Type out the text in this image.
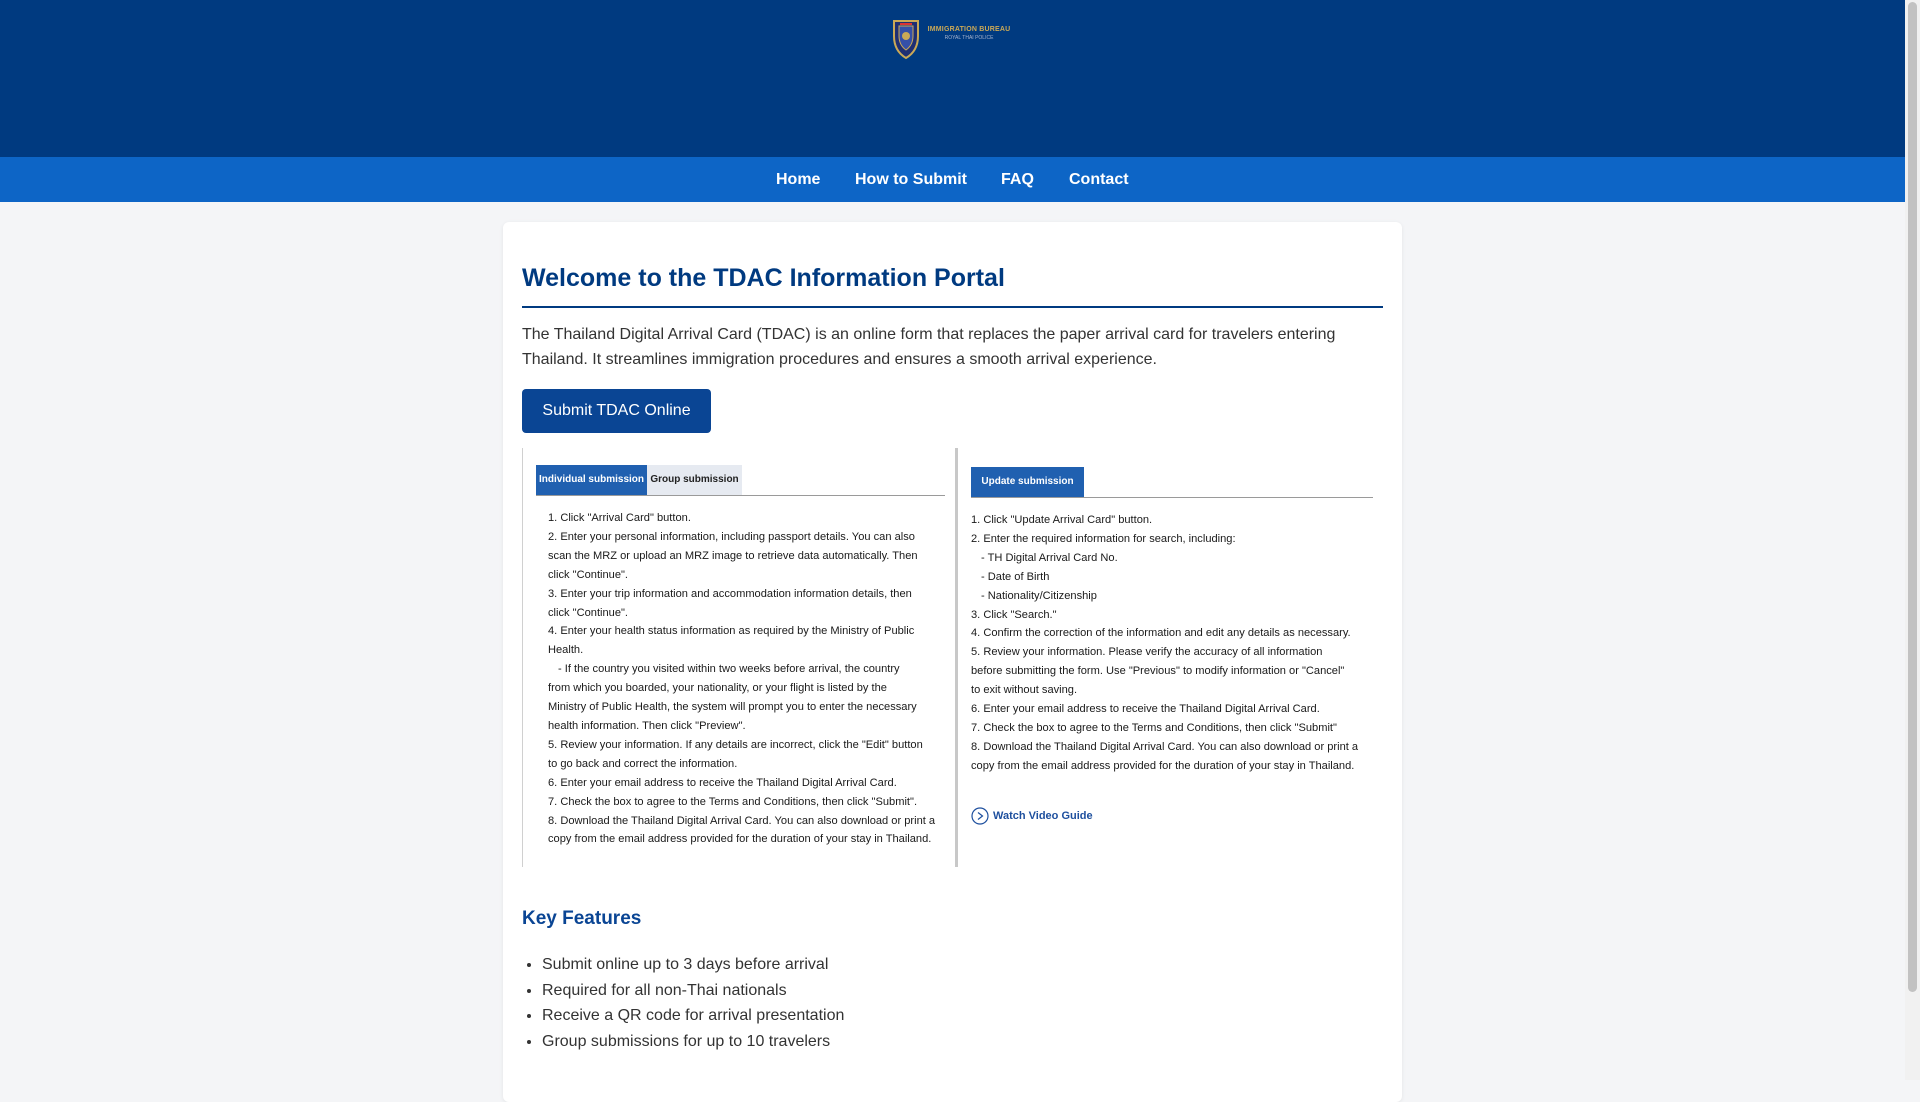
IMMIGRATION BUREAU
ROYAL THAI POLICE
Home How to Submit FAQ Contact
Welcome to the TDAC Information Portal

The Thailand Digital Arrival Card (TDAC) is an online form that replaces the paper arrival card for travelers entering Thailand. It streamlines immigration procedures and ensures a smooth arrival experience.

Submit TDAC Online
Individual submission Group submission
1. Click "Arrival Card" button.
2. Enter your personal information, including passport details. You can also
scan the MRZ or upload an MRZ image to retrieve data automatically. Then
click "Continue".
3. Enter your trip information and accommodation information details, then
click "Continue".
4. Enter your health status information as required by the Ministry of Public
Health.
- If the country you visited within two weeks before arrival, the country
from which you boarded, your nationality, or your flight is listed by the
Ministry of Public Health, the system will prompt you to enter the necessary
health information. Then click "Preview".
5. Review your information. If any details are incorrect, click the "Edit" button
to go back and correct the information.
6. Enter your email address to receive the Thailand Digital Arrival Card.
7. Check the box to agree to the Terms and Conditions, then click "Submit".
8. Download the Thailand Digital Arrival Card. You can also download or print a
copy from the email address provided for the duration of your stay in Thailand.
Update submission
1. Click "Update Arrival Card" button.
2. Enter the required information for search, including:
- TH Digital Arrival Card No.
- Date of Birth
- Nationality/Citizenship
3. Click "Search."
4. Confirm the correction of the information and edit any details as necessary.
5. Review your information. Please verify the accuracy of all information
before submitting the form. Use "Previous" to modify information or "Cancel"
to exit without saving.
6. Enter your email address to receive the Thailand Digital Arrival Card.
7. Check the box to agree to the Terms and Conditions, then click "Submit"
8. Download the Thailand Digital Arrival Card. You can also download or print a
copy from the email address provided for the duration of your stay in Thailand.
Watch Video Guide
Key Features
• Submit online up to 3 days before arrival
• Required for all non-Thai nationals
• Receive a QR code for arrival presentation
• Group submissions for up to 10 travelers
